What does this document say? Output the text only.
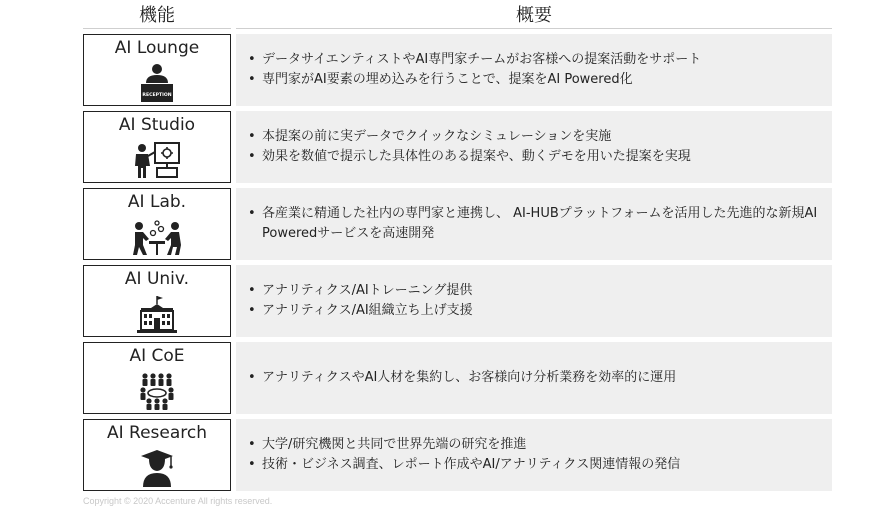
機能	概要
AI Lounge
RECEPTION
• データサイエンティストやAI専門家チームがお客様への提案活動をサポート
• 専門家がAI要素の埋め込みを行うことで、提案をAI Powered化
AI Studio
• 本提案の前に実データでクイックなシミュレーションを実施
• 効果を数値で提示した具体性のある提案や、動くデモを用いた提案を実現
AI Lab.
• 各産業に精通した社内の専門家と連携し、 AI-HUBプラットフォームを活用した先進的な新規AI Poweredサービスを高速開発
AI Univ.
• アナリティクス/AIトレーニング提供
• アナリティクス/AI組織立ち上げ支援
AI CoE
• アナリティクスやAI人材を集約し、お客様向け分析業務を効率的に運用
AI Research
• 大学/研究機関と共同で世界先端の研究を推進
• 技術・ビジネス調査、レポート作成やAI/アナリティクス関連情報の発信
Copyright © 2020 Accenture All rights reserved.
